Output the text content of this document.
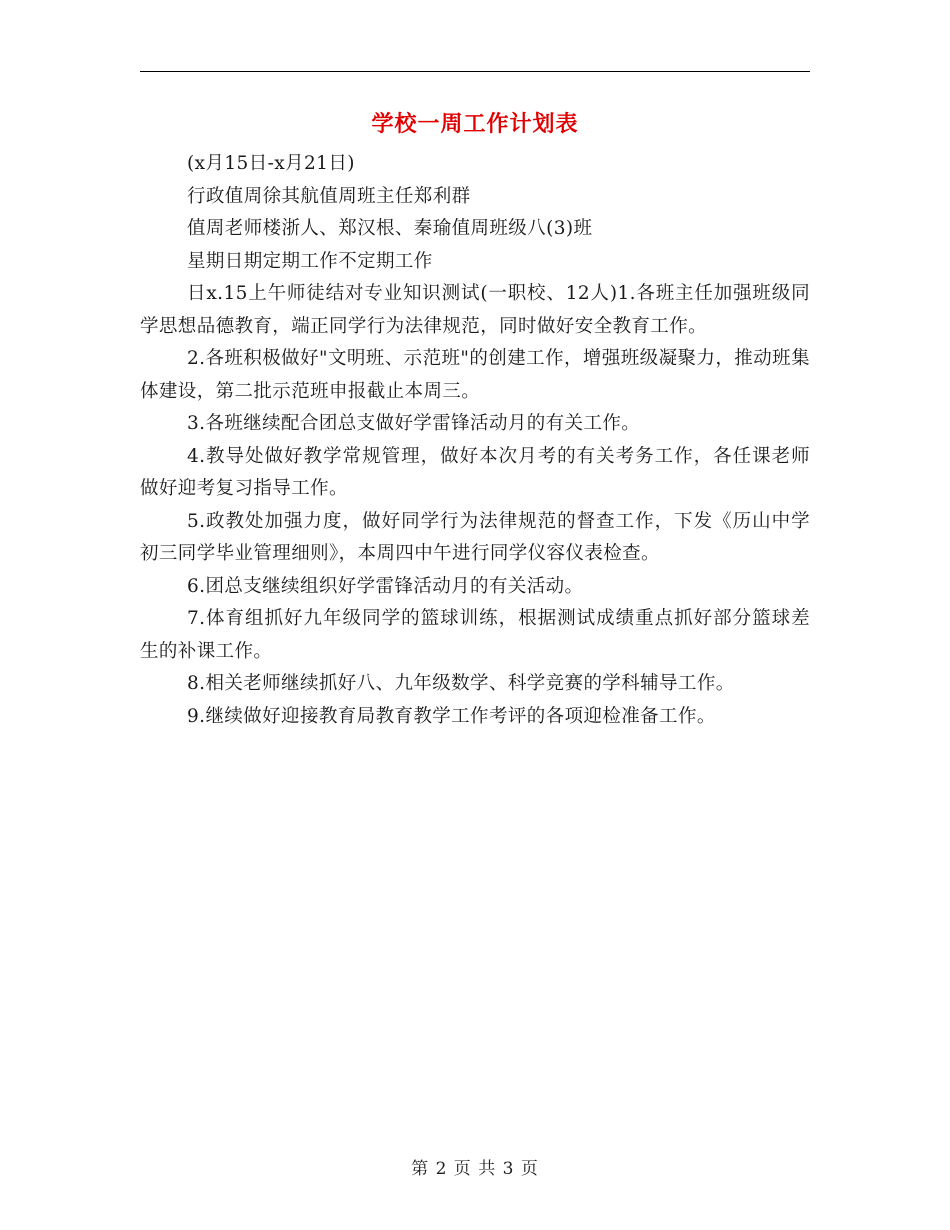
学校一周工作计划表

(x月15日-x月21日)

行政值周徐其航值周班主任郑利群

值周老师楼浙人、郑汉根、秦瑜值周班级八(3)班

星期日期定期工作不定期工作

日x.15上午师徒结对专业知识测试(一职校、12人)1.各班主任加强班级同学思想品德教育，端正同学行为法律规范，同时做好安全教育工作。

2.各班积极做好"文明班、示范班"的创建工作，增强班级凝聚力，推动班集体建设，第二批示范班申报截止本周三。

3.各班继续配合团总支做好学雷锋活动月的有关工作。

4.教导处做好教学常规管理，做好本次月考的有关考务工作，各任课老师做好迎考复习指导工作。

5.政教处加强力度，做好同学行为法律规范的督查工作，下发《历山中学初三同学毕业管理细则》，本周四中午进行同学仪容仪表检查。

6.团总支继续组织好学雷锋活动月的有关活动。

7.体育组抓好九年级同学的篮球训练，根据测试成绩重点抓好部分篮球差生的补课工作。

8.相关老师继续抓好八、九年级数学、科学竞赛的学科辅导工作。

9.继续做好迎接教育局教育教学工作考评的各项迎检准备工作。

第 2 页 共 3 页
